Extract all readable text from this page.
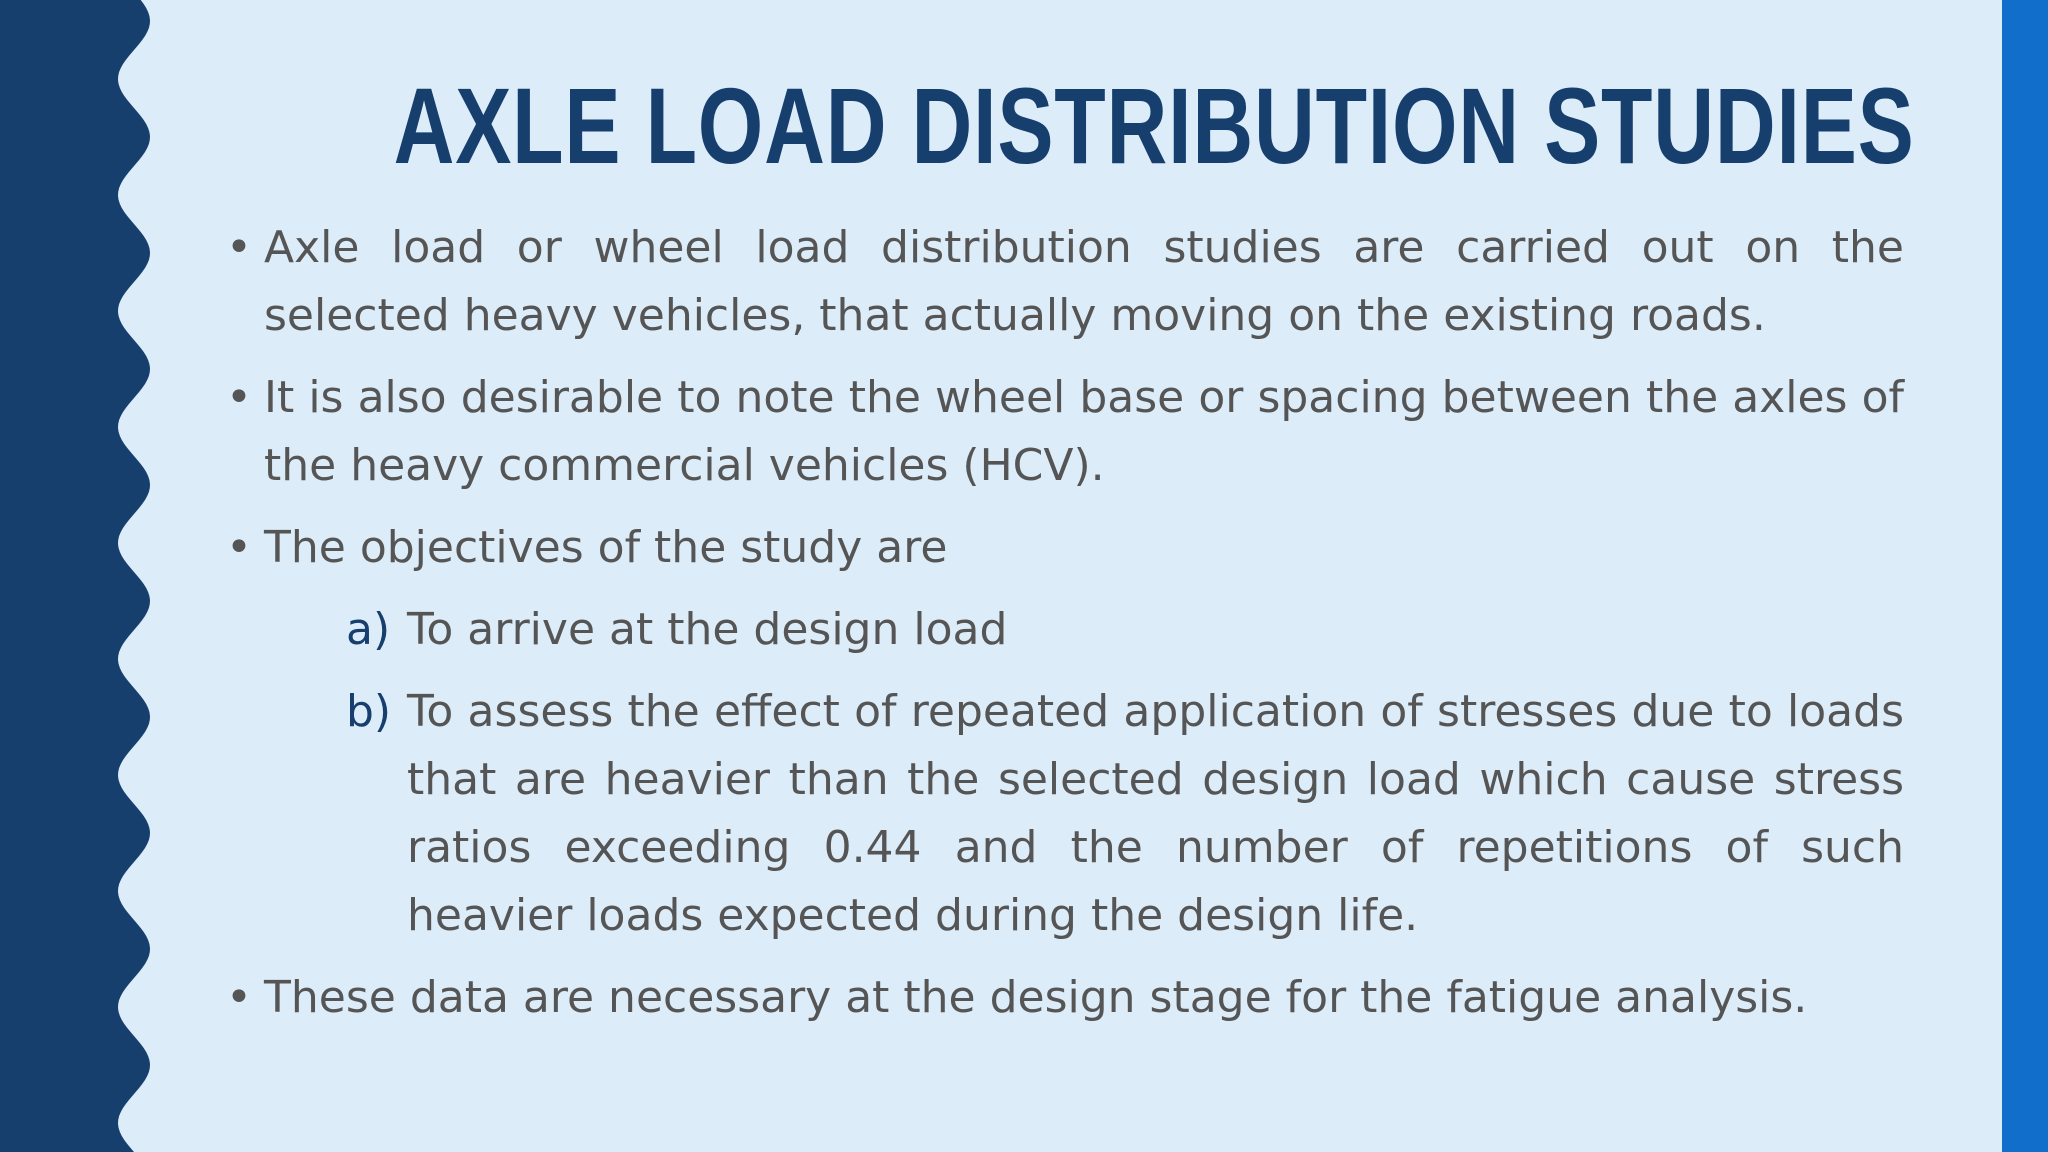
AXLE LOAD DISTRIBUTION STUDIES
• Axle load or wheel load distribution studies are carried out on the selected heavy vehicles, that actually moving on the existing roads.
• It is also desirable to note the wheel base or spacing between the axles of the heavy commercial vehicles (HCV).
• The objectives of the study are
a) To arrive at the design load
b) To assess the effect of repeated application of stresses due to loads that are heavier than the selected design load which cause stress ratios exceeding 0.44 and the number of repetitions of such heavier loads expected during the design life.
• These data are necessary at the design stage for the fatigue analysis.
